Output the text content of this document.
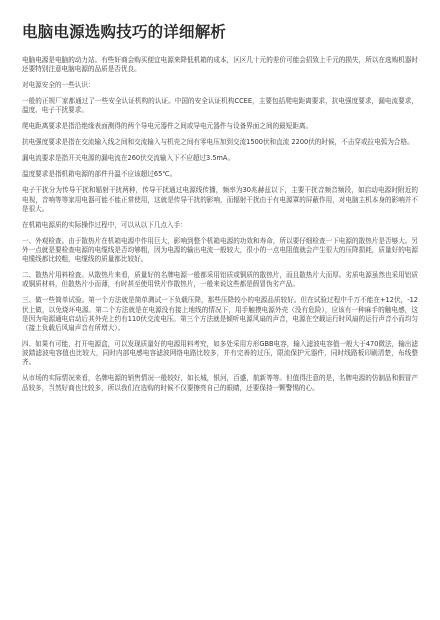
电脑电源选购技巧的详细解析

电脑电源是电脑的动力站。有些奸商会购买便宜电源来降低机箱的成本，区区几十元的差价可能会招致上千元的损失，所以在选购机器时还要特别注意电脑电源的品质是否优良。

对电源安全的一些认识：

一般的正规厂家都通过了一些安全认证机构的认证。中国的安全认证机构CCEE，主要包括爬电距离要求，抗电强度要求，漏电流要求，温度、电子干扰要求。

爬电距离要求是指沿绝缘表面测得的两个导电元器件之间或导电元器件与设备界面之间的最短距离。

抗电强度要求是指在交流输入线之间和交流输入与机壳之间有零电压加到交流1500伏和直流 2200伏的时候，不击穿或拉电弧为合格。

漏电流要求是指开关电源的漏电流在260伏交流输入下不应超过3.5mA。

温度要求是指机箱电源的部件升温不应该超过65℃。

电子干扰分为传导干扰和辐射干扰两种，传导干扰通过电源线传播，频率为30兆赫兹以下，主要干扰音频音频段，如启动电源时附近的电视，音响等等家用电器可能不能正常使用，这就是传导干扰的影响，而辐射干扰由于有电源罩的屏蔽作用，对电脑主机本身的影响并不是很大。

在机箱电源质的实际操作过程中，可以从以下几点入手：

一、外观检查。由于散热片在机箱电源中作用巨大，影响到整个机箱电源的功效和寿命，所以要仔细检查一下电源的散热片是否够大。另外一点就是要检查电源的电缆线是否均够粗，因为电源的输出电流一般较大，很小的一点电阻值就会产生很大的压降损耗，质量好的电源电缆线都比较粗，电缆线的质量都比较好。

二、散热片用料检查。从散热片来看，质量好的名牌电源一般都采用铝质或铜质的散热片，而且散热片大而厚。劣质电源虽然也采用铝质或铜质材料，但散热片小而薄，有时甚至使用铁片作散热片，一般来说这些都是假冒伪劣产品。

三、做一些简单试验。第一个方法就是简单测试一下负载压降，那些压降较小的电源品质较好。但在试验过程中千万不能在+12伏，-12伏上做，以免烧坏电源。第二个方法就是在电源没有接上地线的情况下，用手触摸电源外壳（没有危险），应该有一种麻手的触电感，这是因为电源通电启动后其外壳上约有110伏交流电压。第三个方法就是倾听电源风扇的声音，电源在空载运行时风扇的运行声音小而均匀（接上负载后风扇声音有所增大）。

四、如果有可能，打开电源盒，可以发现质量好的电源用料考究，如多处采用方形GBB电容，输入滤波电容值一般大于470微法，输出滤波踏滤波电容值也比较大，同时内部电感电容滤波网络电路比较多，并有完善的过压，限流保护元器件，同时线路板印刷清楚，布线整齐。

从市场的实际情况来看，名牌电源的销售情况一般较好，如长城，银河，百盛，航新等等。但值得注意的是，名牌电源的仿制品和假冒产品较多，当然好商也比较多，所以我们在选购的时候不仅要擦亮自己的眼睛，还要保持一颗警惕的心。
